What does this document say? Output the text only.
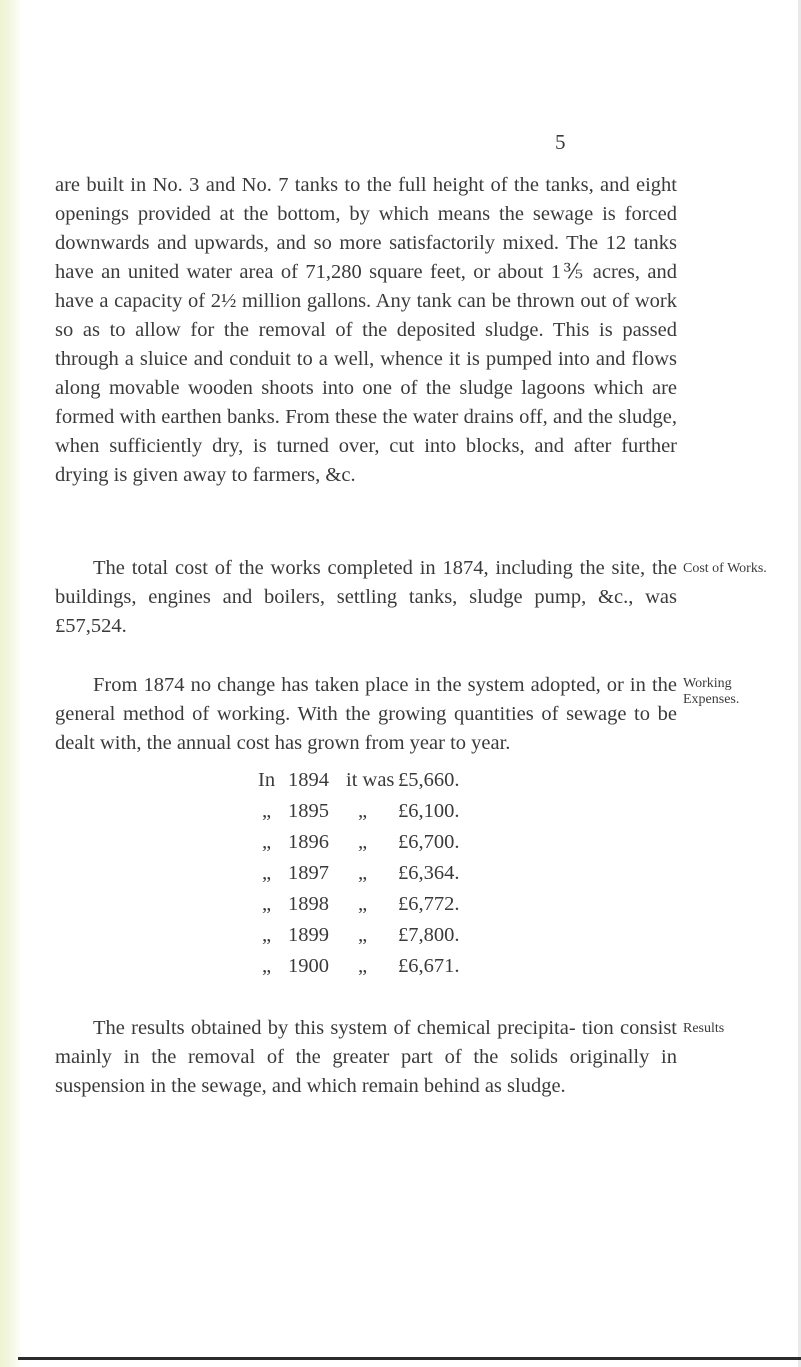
5

are built in No. 3 and No. 7 tanks to the full height of the tanks, and eight openings provided at the bottom, by which means the sewage is forced downwards and upwards, and so more satisfactorily mixed. The 12 tanks have an united water area of 71,280 square feet, or about 1⅗ acres, and have a capacity of 2½ million gallons. Any tank can be thrown out of work so as to allow for the removal of the deposited sludge. This is passed through a sluice and conduit to a well, whence it is pumped into and flows along movable wooden shoots into one of the sludge lagoons which are formed with earthen banks. From these the water drains off, and the sludge, when sufficiently dry, is turned over, cut into blocks, and after further drying is given away to farmers, &c.

The total cost of the works completed in 1874, including the site, the buildings, engines and boilers, settling tanks, sludge pump, &c., was £57,524.

Cost of Works.

From 1874 no change has taken place in the system adopted, or in the general method of working. With the growing quantities of sewage to be dealt with, the annual cost has grown from year to year.

Working Expenses.
In 1894 it was £5,660.
„ 1895 „ £6,100.
„ 1896 „ £6,700.
„ 1897 „ £6,364.
„ 1898 „ £6,772.
„ 1899 „ £7,800.
„ 1900 „ £6,671.

The results obtained by this system of chemical precipita- tion consist mainly in the removal of the greater part of the solids originally in suspension in the sewage, and which remain behind as sludge.

Results
